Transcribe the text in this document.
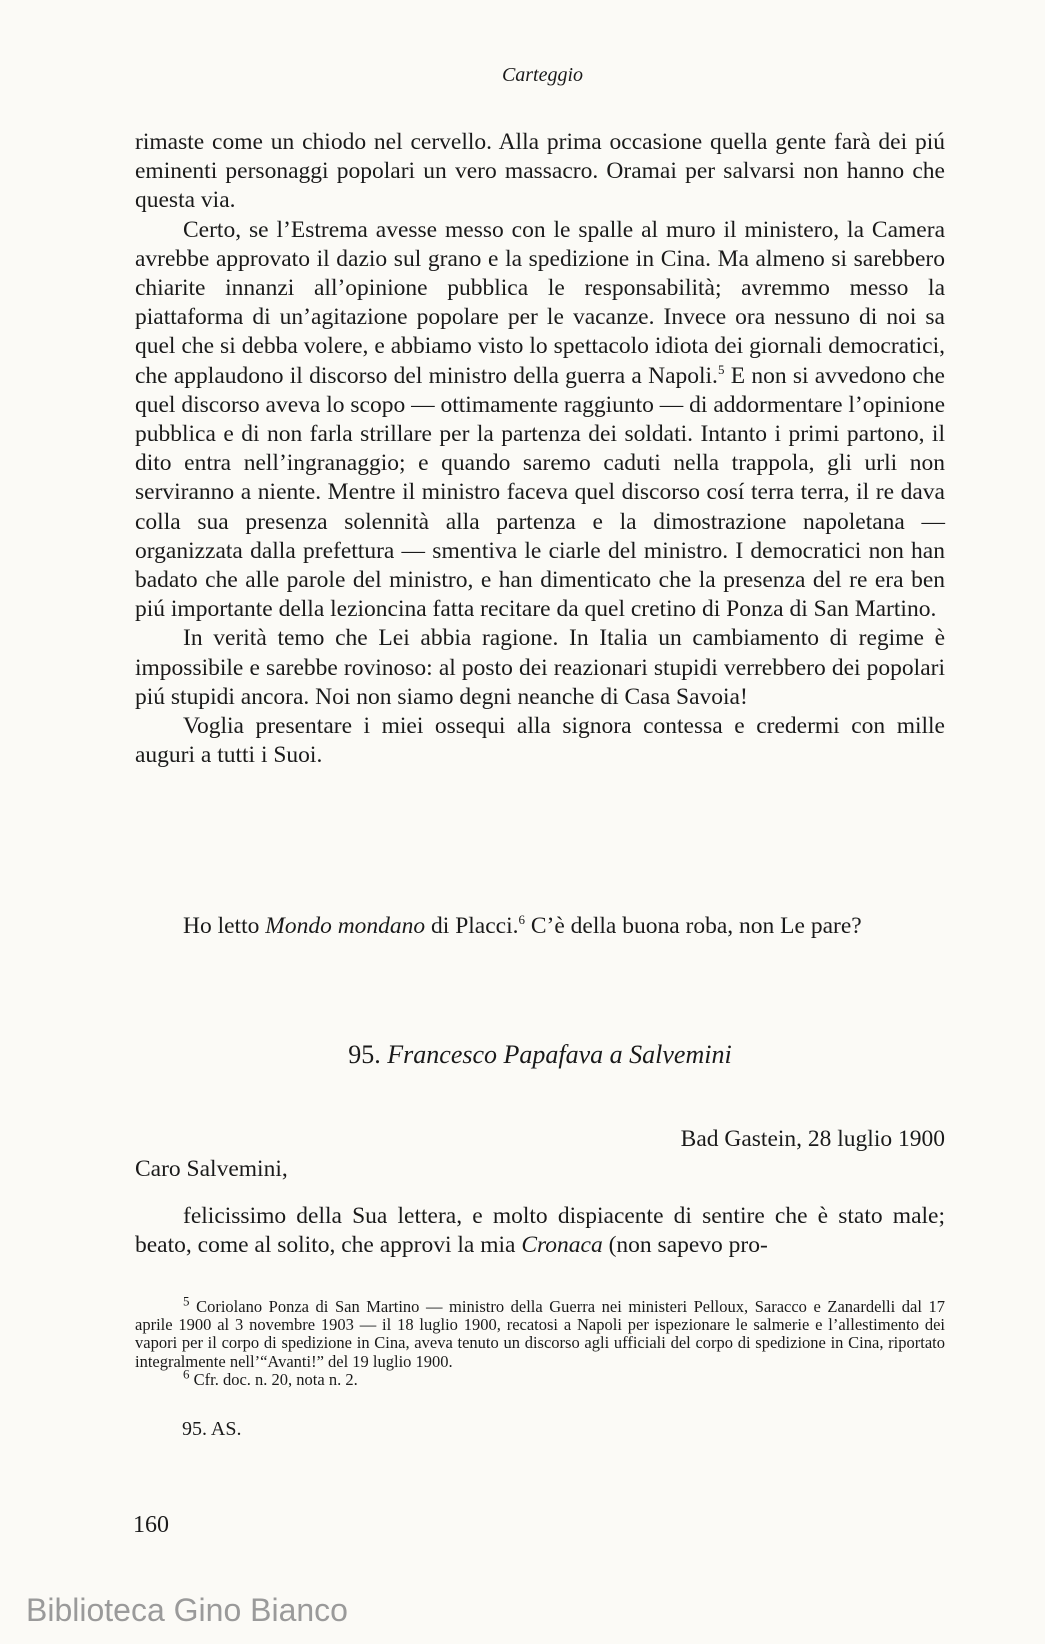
Carteggio

rimaste come un chiodo nel cervello. Alla prima occasione quella gente farà dei piú eminenti personaggi popolari un vero massacro. Oramai per salvarsi non hanno che questa via.

Certo, se l’Estrema avesse messo con le spalle al muro il ministero, la Camera avrebbe approvato il dazio sul grano e la spedizione in Cina. Ma almeno si sarebbero chiarite innanzi all’opinione pubblica le responsabilità; avremmo messo la piattaforma di un’agitazione popolare per le vacanze. Invece ora nessuno di noi sa quel che si debba volere, e abbiamo visto lo spettacolo idiota dei giornali democratici, che applaudono il discorso del ministro della guerra a Napoli.$^5$ E non si avvedono che quel discorso aveva lo scopo — ottimamente raggiunto — di addormentare l’opinione pubblica e di non farla strillare per la partenza dei soldati. Intanto i primi partono, il dito entra nell’ingranaggio; e quando saremo caduti nella trappola, gli urli non serviranno a niente. Mentre il ministro faceva quel discorso cosí terra terra, il re dava colla sua presenza solennità alla partenza e la dimostrazione napoletana — organizzata dalla prefettura — smentiva le ciarle del ministro. I democratici non han badato che alle parole del ministro, e han dimenticato che la presenza del re era ben piú importante della lezioncina fatta recitare da quel cretino di Ponza di San Martino.

In verità temo che Lei abbia ragione. In Italia un cambiamento di regime è impossibile e sarebbe rovinoso: al posto dei reazionari stupidi verrebbero dei popolari piú stupidi ancora. Noi non siamo degni neanche di Casa Savoia!

Voglia presentare i miei ossequi alla signora contessa e credermi con mille auguri a tutti i Suoi.

Ho letto Mondo mondano di Placci.$^6$ C’è della buona roba, non Le pare?

95. Francesco Papafava a Salvemini
Bad Gastein, 28 luglio 1900
Caro Salvemini,

felicissimo della Sua lettera, e molto dispiacente di sentire che è stato male; beato, come al solito, che approvi la mia Cronaca (non sapevo pro-

$^5$ Coriolano Ponza di San Martino — ministro della Guerra nei ministeri Pelloux, Saracco e Zanardelli dal 17 aprile 1900 al 3 novembre 1903 — il 18 luglio 1900, recatosi a Napoli per ispezionare le salmerie e l’allestimento dei vapori per il corpo di spedizione in Cina, aveva tenuto un discorso agli ufficiali del corpo di spedizione in Cina, riportato integralmente nell’“Avanti!” del 19 luglio 1900.

$^6$ Cfr. doc. n. 20, nota n. 2.

95. AS.
160
Biblioteca Gino Bianco
